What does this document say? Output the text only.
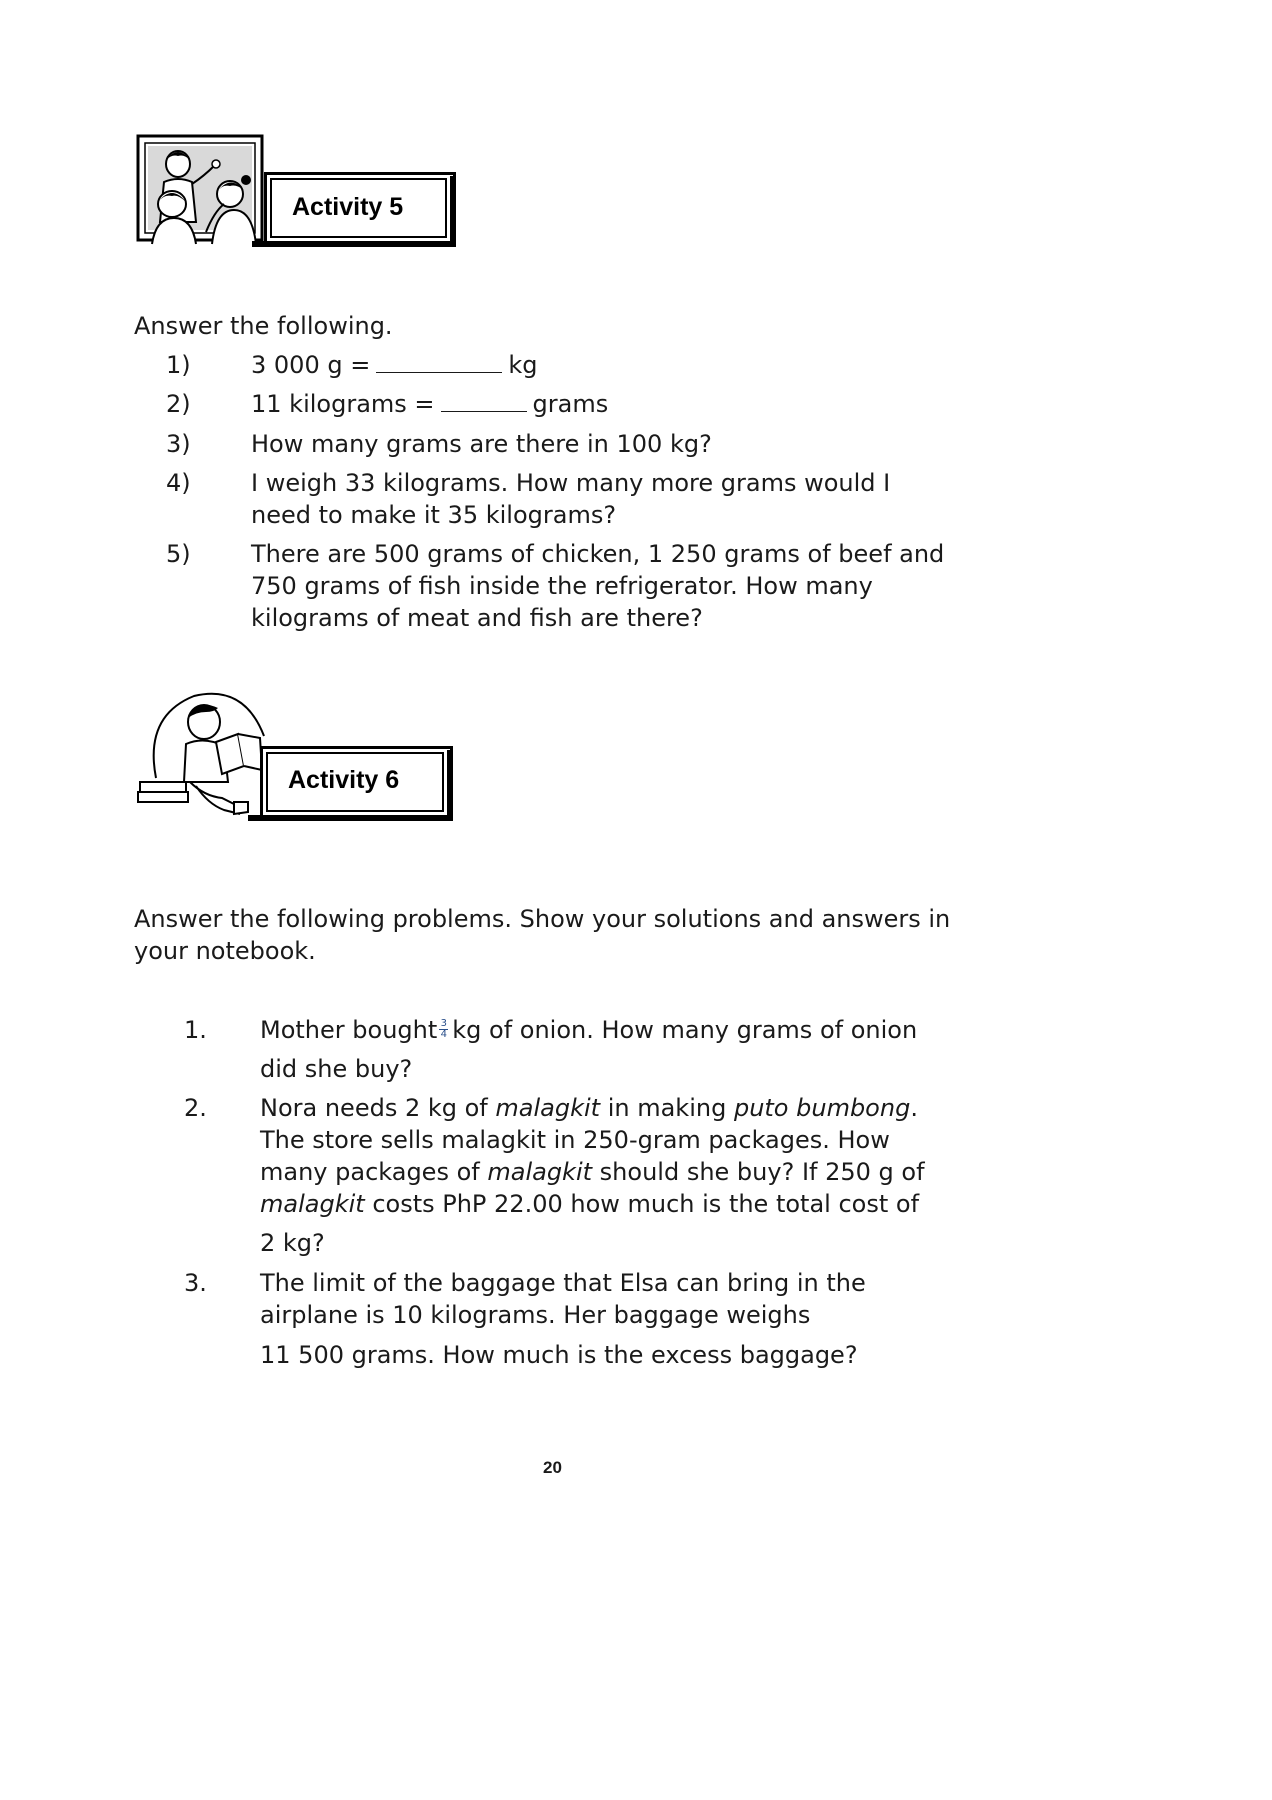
Activity 5
Answer the following.
1)	3 000 g =	kg
2)	11 kilograms =	grams
3)	How many grams are there in 100 kg?
4)	I weigh 33 kilograms. How many more grams would I
need to make it 35 kilograms?
5)	There are 500 grams of chicken, 1 250 grams of beef and
750 grams of fish inside the refrigerator. How many
kilograms of meat and fish are there?
Activity 6
Answer the following problems. Show your solutions and answers in
your notebook.
1. Mother bought $\frac{3}{4}$ kg of onion. How many grams of onion
did she buy?
2. Nora needs 2 kg of malagkit in making puto bumbong.
The store sells malagkit in 250-gram packages. How
many packages of malagkit should she buy? If 250 g of
malagkit costs PhP 22.00 how much is the total cost of
2 kg?
3. The limit of the baggage that Elsa can bring in the
airplane is 10 kilograms. Her baggage weighs
11 500 grams. How much is the excess baggage?
20
